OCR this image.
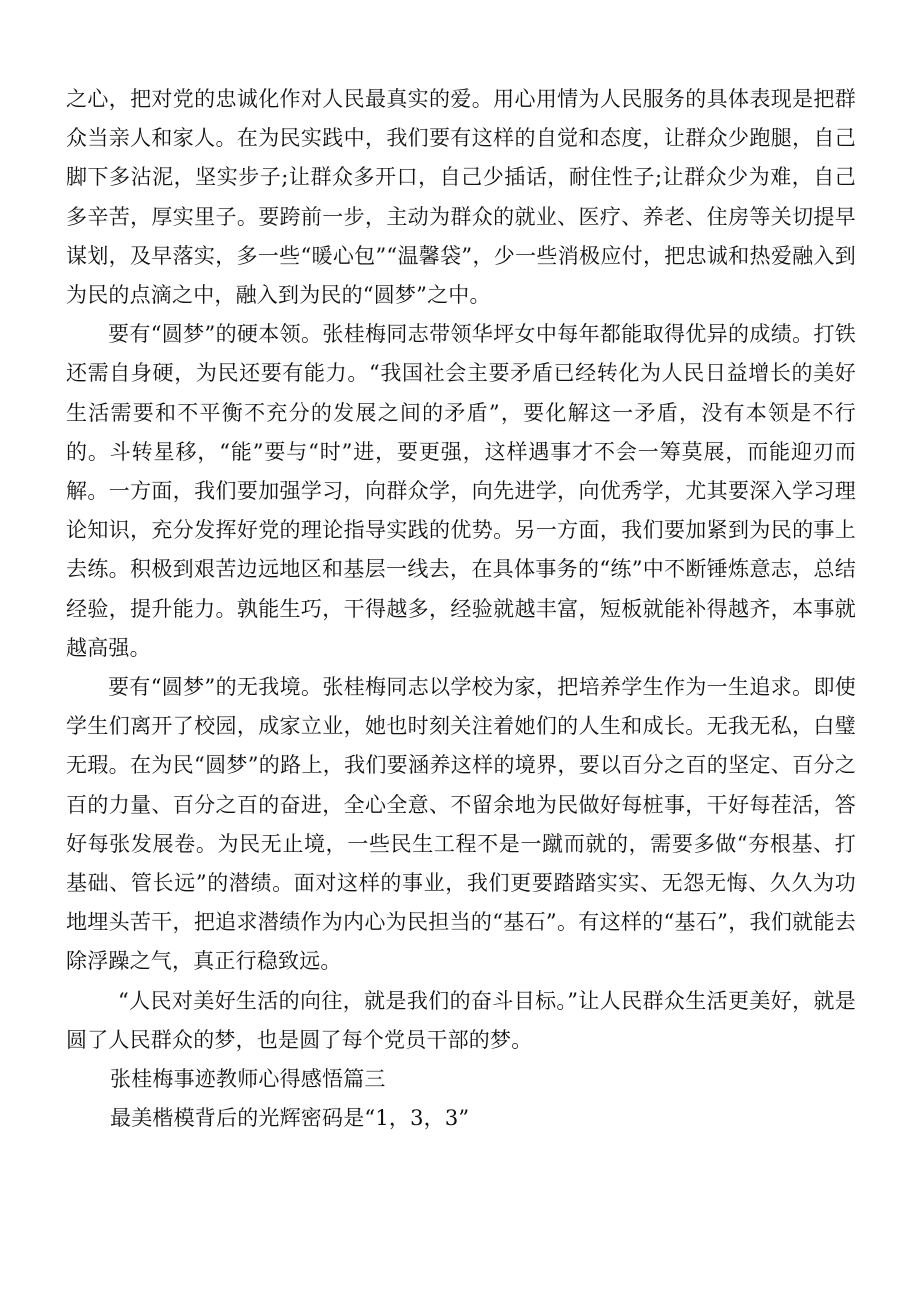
之心，把对党的忠诚化作对人民最真实的爱。用心用情为人民服务的具体表现是把群众当亲人和家人。在为民实践中，我们要有这样的自觉和态度，让群众少跑腿，自己脚下多沾泥，坚实步子;让群众多开口，自己少插话，耐住性子;让群众少为难，自己多辛苦，厚实里子。要跨前一步，主动为群众的就业、医疗、养老、住房等关切提早谋划，及早落实，多一些“暖心包”“温馨袋”，少一些消极应付，把忠诚和热爱融入到为民的点滴之中，融入到为民的“圆梦”之中。

要有“圆梦”的硬本领。张桂梅同志带领华坪女中每年都能取得优异的成绩。打铁还需自身硬，为民还要有能力。“我国社会主要矛盾已经转化为人民日益增长的美好生活需要和不平衡不充分的发展之间的矛盾”，要化解这一矛盾，没有本领是不行的。斗转星移，“能”要与“时”进，要更强，这样遇事才不会一筹莫展，而能迎刃而解。一方面，我们要加强学习，向群众学，向先进学，向优秀学，尤其要深入学习理论知识，充分发挥好党的理论指导实践的优势。另一方面，我们要加紧到为民的事上去练。积极到艰苦边远地区和基层一线去，在具体事务的“练”中不断锤炼意志，总结经验，提升能力。孰能生巧，干得越多，经验就越丰富，短板就能补得越齐，本事就越高强。

要有“圆梦”的无我境。张桂梅同志以学校为家，把培养学生作为一生追求。即使学生们离开了校园，成家立业，她也时刻关注着她们的人生和成长。无我无私，白璧无瑕。在为民“圆梦”的路上，我们要涵养这样的境界，要以百分之百的坚定、百分之百的力量、百分之百的奋进，全心全意、不留余地为民做好每桩事，干好每茬活，答好每张发展卷。为民无止境，一些民生工程不是一蹴而就的，需要多做“夯根基、打基础、管长远”的潜绩。面对这样的事业，我们更要踏踏实实、无怨无悔、久久为功地埋头苦干，把追求潜绩作为内心为民担当的“基石”。有这样的“基石”，我们就能去除浮躁之气，真正行稳致远。

“人民对美好生活的向往，就是我们的奋斗目标。”让人民群众生活更美好，就是圆了人民群众的梦，也是圆了每个党员干部的梦。

张桂梅事迹教师心得感悟篇三

最美楷模背后的光辉密码是“1，3，3”
